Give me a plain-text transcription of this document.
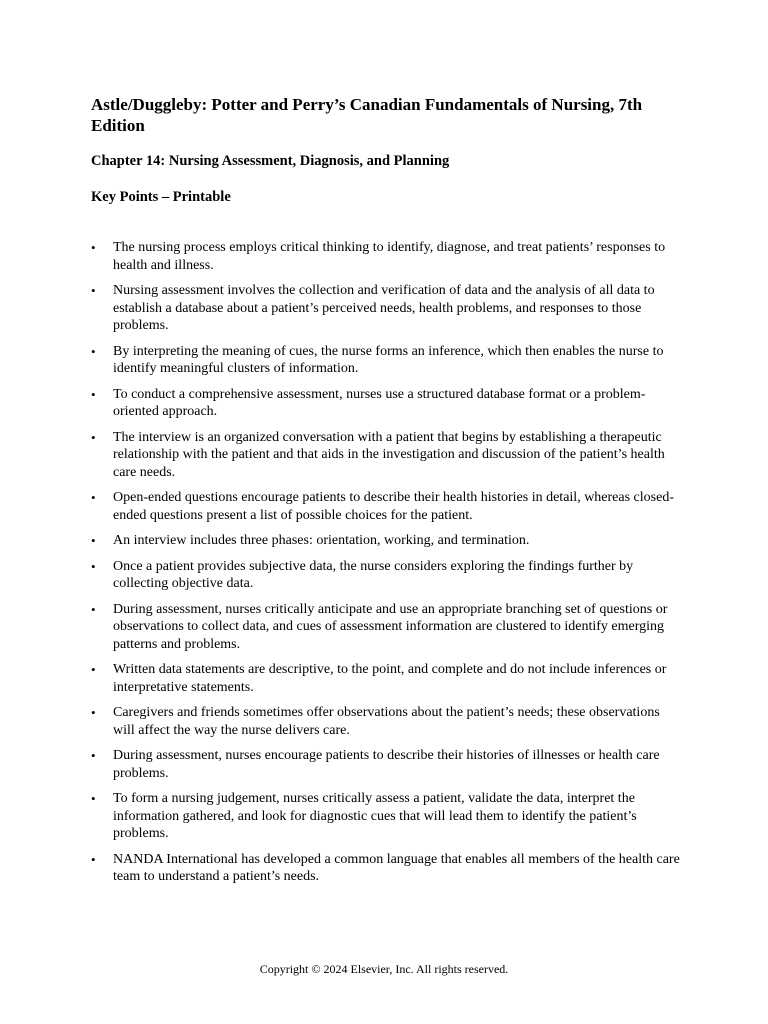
Astle/Duggleby: Potter and Perry’s Canadian Fundamentals of Nursing, 7th Edition
Chapter 14: Nursing Assessment, Diagnosis, and Planning
Key Points – Printable
• The nursing process employs critical thinking to identify, diagnose, and treat patients’ responses to health and illness.
• Nursing assessment involves the collection and verification of data and the analysis of all data to establish a database about a patient’s perceived needs, health problems, and responses to those problems.
• By interpreting the meaning of cues, the nurse forms an inference, which then enables the nurse to identify meaningful clusters of information.
• To conduct a comprehensive assessment, nurses use a structured database format or a problem-oriented approach.
• The interview is an organized conversation with a patient that begins by establishing a therapeutic relationship with the patient and that aids in the investigation and discussion of the patient’s health care needs.
• Open-ended questions encourage patients to describe their health histories in detail, whereas closed-ended questions present a list of possible choices for the patient.
• An interview includes three phases: orientation, working, and termination.
• Once a patient provides subjective data, the nurse considers exploring the findings further by collecting objective data.
• During assessment, nurses critically anticipate and use an appropriate branching set of questions or observations to collect data, and cues of assessment information are clustered to identify emerging patterns and problems.
• Written data statements are descriptive, to the point, and complete and do not include inferences or interpretative statements.
• Caregivers and friends sometimes offer observations about the patient’s needs; these observations will affect the way the nurse delivers care.
• During assessment, nurses encourage patients to describe their histories of illnesses or health care problems.
• To form a nursing judgement, nurses critically assess a patient, validate the data, interpret the information gathered, and look for diagnostic cues that will lead them to identify the patient’s problems.
• NANDA International has developed a common language that enables all members of the health care team to understand a patient’s needs.
Copyright © 2024 Elsevier, Inc. All rights reserved.
